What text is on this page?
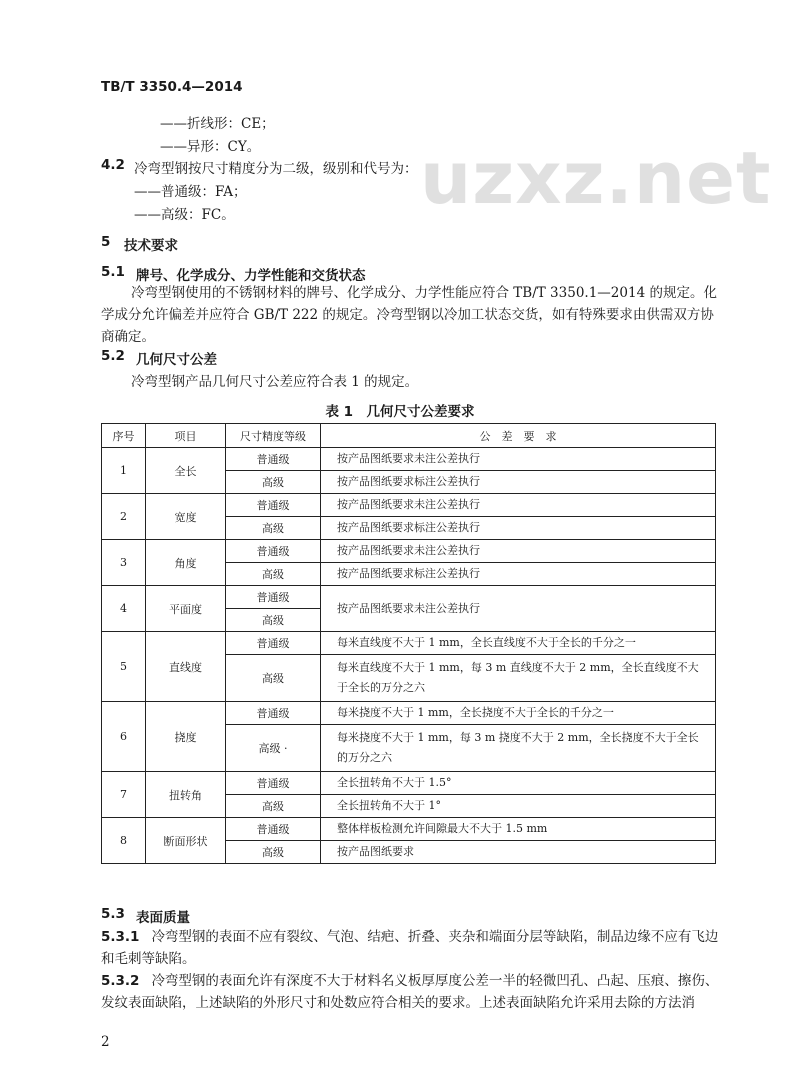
uzxz.net
TB/T 3350.4—2014
——折线形：CE；
——异形：CY。
4.2 冷弯型钢按尺寸精度分为二级，级别和代号为：
——普通级：FA；
——高级：FC。
5 技术要求
5.1 牌号、化学成分、力学性能和交货状态
冷弯型钢使用的不锈钢材料的牌号、化学成分、力学性能应符合 TB/T 3350.1—2014 的规定。化学成分允许偏差并应符合 GB/T 222 的规定。冷弯型钢以冷加工状态交货，如有特殊要求由供需双方协商确定。
5.2 几何尺寸公差
冷弯型钢产品几何尺寸公差应符合表 1 的规定。
表 1　几何尺寸公差要求
序号	项目	尺寸精度等级	公　差　要　求
1	全长	普通级	按产品图纸要求未注公差执行
		高级	按产品图纸要求标注公差执行
2	宽度	普通级	按产品图纸要求未注公差执行
		高级	按产品图纸要求标注公差执行
3	角度	普通级	按产品图纸要求未注公差执行
		高级	按产品图纸要求标注公差执行
4	平面度	普通级	按产品图纸要求未注公差执行
		高级	
5	直线度	普通级	每米直线度不大于 1 mm，全长直线度不大于全长的千分之一
		高级	每米直线度不大于 1 mm，每 3 m 直线度不大于 2 mm，全长直线度不大于全长的万分之六
6	挠度	普通级	每米挠度不大于 1 mm，全长挠度不大于全长的千分之一
		高级 ·	每米挠度不大于 1 mm，每 3 m 挠度不大于 2 mm，全长挠度不大于全长的万分之六
7	扭转角	普通级	全长扭转角不大于 1.5°
		高级	全长扭转角不大于 1°
8	断面形状	普通级	整体样板检测允许间隙最大不大于 1.5 mm
		高级	按产品图纸要求
5.3 表面质量
5.3.1 冷弯型钢的表面不应有裂纹、气泡、结疤、折叠、夹杂和端面分层等缺陷，制品边缘不应有飞边和毛刺等缺陷。
5.3.2 冷弯型钢的表面允许有深度不大于材料名义板厚厚度公差一半的轻微凹孔、凸起、压痕、擦伤、发纹表面缺陷，上述缺陷的外形尺寸和处数应符合相关的要求。上述表面缺陷允许采用去除的方法消
2
